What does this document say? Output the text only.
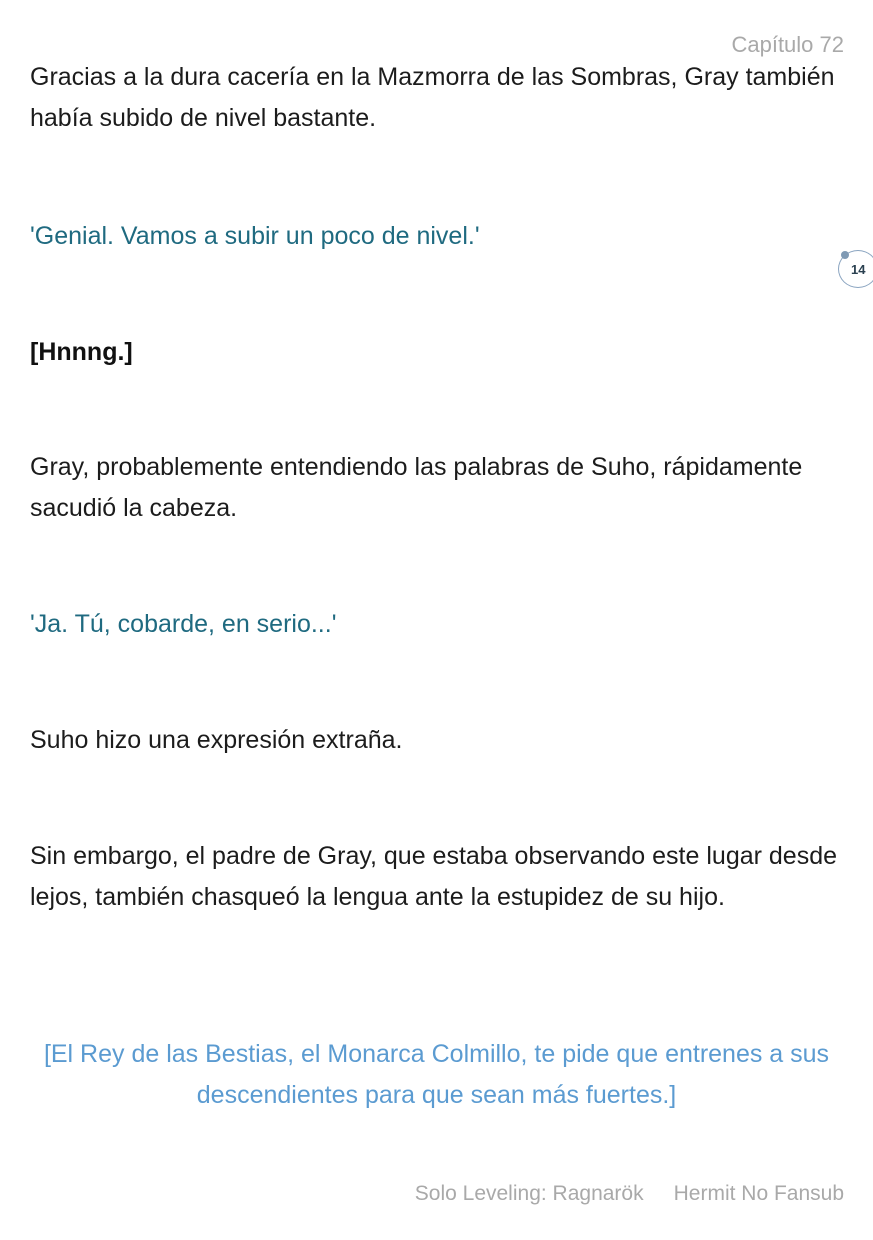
Capítulo 72

Gracias a la dura cacería en la Mazmorra de las Sombras, Gray también había subido de nivel bastante.

'Genial. Vamos a subir un poco de nivel.'

14

[Hnnng.]

Gray, probablemente entendiendo las palabras de Suho, rápidamente sacudió la cabeza.

'Ja. Tú, cobarde, en serio...'

Suho hizo una expresión extraña.

Sin embargo, el padre de Gray, que estaba observando este lugar desde lejos, también chasqueó la lengua ante la estupidez de su hijo.

[El Rey de las Bestias, el Monarca Colmillo, te pide que entrenes a sus descendientes para que sean más fuertes.]

Solo Leveling: Ragnarök Hermit No Fansub
